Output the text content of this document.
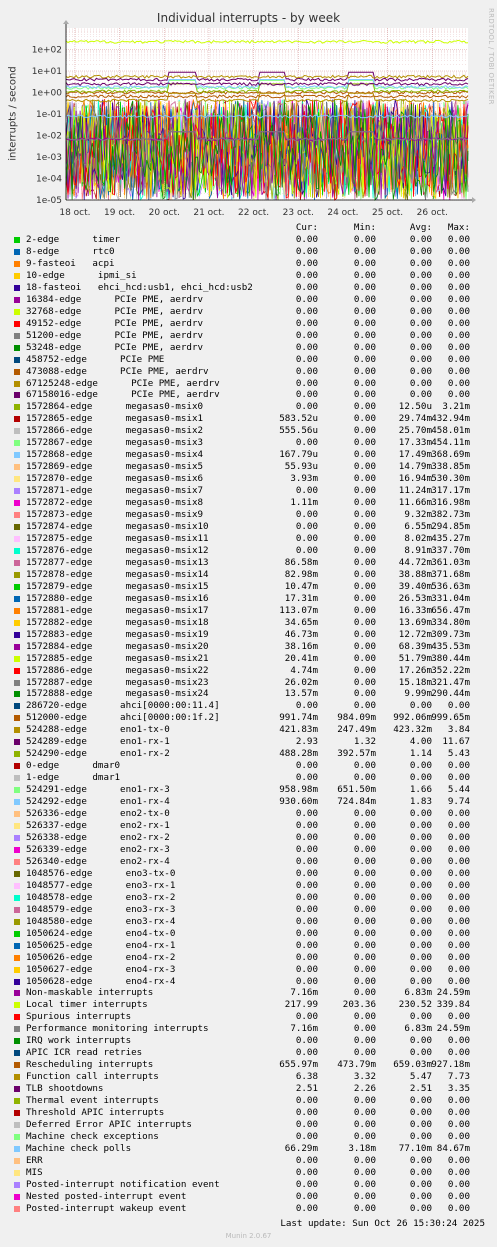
Individual interrupts - by week
interrupts / second
RRDTOOL / TOBI OETIKER
1e-05
1e-04
1e-03
1e-02
1e-01
1e+00
1e+01
1e+02
18 oct. 19 oct. 20 oct. 21 oct. 22 oct. 23 oct. 24 oct. 25 oct. 26 oct.
Cur:	Min:	Avg:	Max:
2-edge      timer	0.00	0.00	0.00	0.00
8-edge      rtc0	0.00	0.00	0.00	0.00
9-fasteoi   acpi	0.00	0.00	0.00	0.00
10-edge      ipmi_si	0.00	0.00	0.00	0.00
18-fasteoi   ehci_hcd:usb1, ehci_hcd:usb2	0.00	0.00	0.00	0.00
16384-edge      PCIe PME, aerdrv	0.00	0.00	0.00	0.00
32768-edge      PCIe PME, aerdrv	0.00	0.00	0.00	0.00
49152-edge      PCIe PME, aerdrv	0.00	0.00	0.00	0.00
51200-edge      PCIe PME, aerdrv	0.00	0.00	0.00	0.00
53248-edge      PCIe PME, aerdrv	0.00	0.00	0.00	0.00
458752-edge      PCIe PME	0.00	0.00	0.00	0.00
473088-edge      PCIe PME, aerdrv	0.00	0.00	0.00	0.00
67125248-edge      PCIe PME, aerdrv	0.00	0.00	0.00	0.00
67158016-edge      PCIe PME, aerdrv	0.00	0.00	0.00	0.00
1572864-edge      megasas0-msix0	0.00	0.00	12.50u	3.21m
1572865-edge      megasas0-msix1	583.52u	0.00	29.74m 432.94m
1572866-edge      megasas0-msix2	555.56u	0.00	25.70m 458.01m
1572867-edge      megasas0-msix3	0.00	0.00	17.33m 454.11m
1572868-edge      megasas0-msix4	167.79u	0.00	17.49m 368.69m
1572869-edge      megasas0-msix5	55.93u	0.00	14.79m 338.85m
1572870-edge      megasas0-msix6	3.93m	0.00	16.94m 530.30m
1572871-edge      megasas0-msix7	0.00	0.00	11.24m 317.17m
1572872-edge      megasas0-msix8	1.11m	0.00	11.66m 316.98m
1572873-edge      megasas0-msix9	0.00	0.00	9.32m 382.73m
1572874-edge      megasas0-msix10	0.00	0.00	6.55m 294.85m
1572875-edge      megasas0-msix11	0.00	0.00	8.02m 435.27m
1572876-edge      megasas0-msix12	0.00	0.00	8.91m 337.70m
1572877-edge      megasas0-msix13	86.58m	0.00	44.72m 361.03m
1572878-edge      megasas0-msix14	82.98m	0.00	38.88m 371.68m
1572879-edge      megasas0-msix15	10.47m	0.00	39.40m 536.63m
1572880-edge      megasas0-msix16	17.31m	0.00	26.53m 331.04m
1572881-edge      megasas0-msix17	113.07m	0.00	16.33m 656.47m
1572882-edge      megasas0-msix18	34.65m	0.00	13.69m 334.80m
1572883-edge      megasas0-msix19	46.73m	0.00	12.72m 309.73m
1572884-edge      megasas0-msix20	38.16m	0.00	68.39m 435.53m
1572885-edge      megasas0-msix21	20.41m	0.00	51.79m 380.44m
1572886-edge      megasas0-msix22	4.74m	0.00	17.26m 352.22m
1572887-edge      megasas0-msix23	26.02m	0.00	15.18m 321.47m
1572888-edge      megasas0-msix24	13.57m	0.00	9.99m 290.44m
286720-edge      ahci[0000:00:11.4]	0.00	0.00	0.00	0.00
512000-edge      ahci[0000:00:1f.2]	991.74m	984.09m	992.06m 999.65m
524288-edge      eno1-tx-0	421.83m	247.49m	423.32m	3.84
524289-edge      eno1-rx-1	2.93	1.32	4.00	11.67
524290-edge      eno1-rx-2	488.28m	392.57m	1.14	5.43
0-edge      dmar0	0.00	0.00	0.00	0.00
1-edge      dmar1	0.00	0.00	0.00	0.00
524291-edge      eno1-rx-3	958.98m	651.50m	1.66	5.44
524292-edge      eno1-rx-4	930.60m	724.84m	1.83	9.74
526336-edge      eno2-tx-0	0.00	0.00	0.00	0.00
526337-edge      eno2-rx-1	0.00	0.00	0.00	0.00
526338-edge      eno2-rx-2	0.00	0.00	0.00	0.00
526339-edge      eno2-rx-3	0.00	0.00	0.00	0.00
526340-edge      eno2-rx-4	0.00	0.00	0.00	0.00
1048576-edge      eno3-tx-0	0.00	0.00	0.00	0.00
1048577-edge      eno3-rx-1	0.00	0.00	0.00	0.00
1048578-edge      eno3-rx-2	0.00	0.00	0.00	0.00
1048579-edge      eno3-rx-3	0.00	0.00	0.00	0.00
1048580-edge      eno3-rx-4	0.00	0.00	0.00	0.00
1050624-edge      eno4-tx-0	0.00	0.00	0.00	0.00
1050625-edge      eno4-rx-1	0.00	0.00	0.00	0.00
1050626-edge      eno4-rx-2	0.00	0.00	0.00	0.00
1050627-edge      eno4-rx-3	0.00	0.00	0.00	0.00
1050628-edge      eno4-rx-4	0.00	0.00	0.00	0.00
Non-maskable interrupts	7.16m	0.00	6.83m 24.59m
Local timer interrupts	217.99	203.36	230.52 339.84
Spurious interrupts	0.00	0.00	0.00	0.00
Performance monitoring interrupts	7.16m	0.00	6.83m 24.59m
IRQ work interrupts	0.00	0.00	0.00	0.00
APIC ICR read retries	0.00	0.00	0.00	0.00
Rescheduling interrupts	655.97m	473.79m	659.03m 927.18m
Function call interrupts	6.38	3.32	5.47	7.73
TLB shootdowns	2.51	2.26	2.51	3.35
Thermal event interrupts	0.00	0.00	0.00	0.00
Threshold APIC interrupts	0.00	0.00	0.00	0.00
Deferred Error APIC interrupts	0.00	0.00	0.00	0.00
Machine check exceptions	0.00	0.00	0.00	0.00
Machine check polls	66.29m	3.18m	77.10m 84.67m
ERR	0.00	0.00	0.00	0.00
MIS	0.00	0.00	0.00	0.00
Posted-interrupt notification event	0.00	0.00	0.00	0.00
Nested posted-interrupt event	0.00	0.00	0.00	0.00
Posted-interrupt wakeup event	0.00	0.00	0.00	0.00
Last update: Sun Oct 26 15:30:24 2025
Munin 2.0.67
